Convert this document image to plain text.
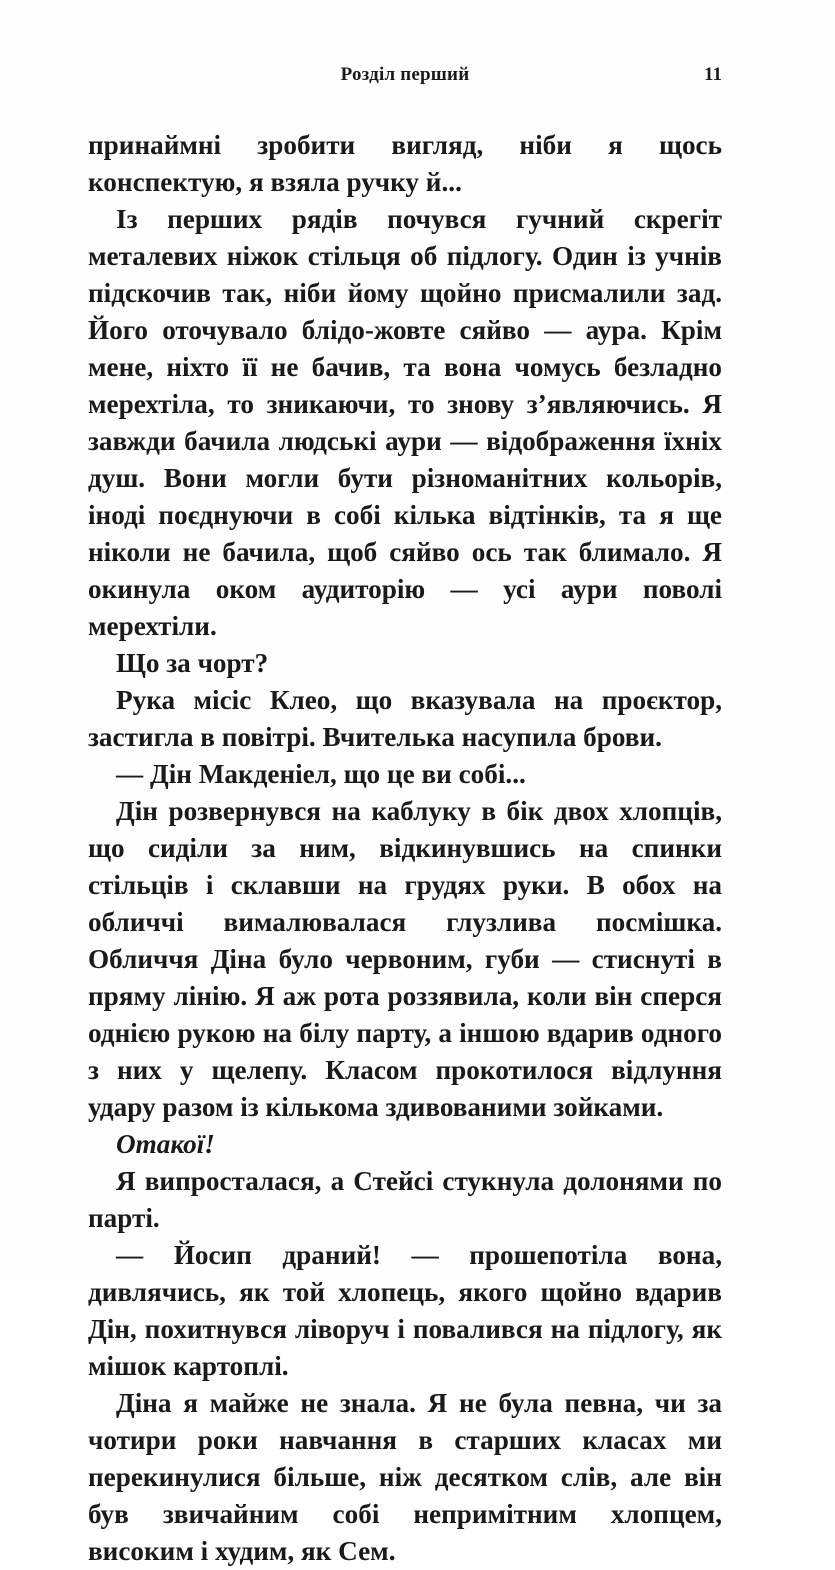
Розділ перший	11

принаймні зробити вигляд, ніби я щось конспектую, я взяла ручку й...

Із перших рядів почувся гучний скрегіт металевих ніжок стільця об підлогу. Один із учнів підскочив так, ніби йому щойно присмалили зад. Його оточувало блідо-жовте сяйво — аура. Крім мене, ніхто її не бачив, та вона чомусь безладно мерехтіла, то зникаючи, то знову з’являючись. Я завжди бачила людські аури — відображення їхніх душ. Вони могли бути різноманітних кольорів, іноді поєднуючи в собі кілька відтінків, та я ще ніколи не бачила, щоб сяйво ось так блимало. Я окинула оком аудиторію — усі аури поволі мерехтіли.

Що за чорт?

Рука місіс Клео, що вказувала на проєктор, застигла в повітрі. Вчителька насупила брови.

— Дін Макденіел, що це ви собі...

Дін розвернувся на каблуку в бік двох хлопців, що сиділи за ним, відкинувшись на спинки стільців і склавши на грудях руки. В обох на обличчі вималювалася глузлива посмішка. Обличчя Діна було червоним, губи — стиснуті в пряму лінію. Я аж рота роззявила, коли він сперся однією рукою на білу парту, а іншою вдарив одного з них у щелепу. Класом прокотилося відлуння удару разом із кількома здивованими зойками.

Отакої!

Я випросталася, а Стейсі стукнула долонями по парті.

— Йосип драний! — прошепотіла вона, дивлячись, як той хлопець, якого щойно вдарив Дін, похитнувся ліворуч і повалився на підлогу, як мішок картоплі.

Діна я майже не знала. Я не була певна, чи за чотири роки навчання в старших класах ми перекинулися більше, ніж десятком слів, але він був звичайним собі непримітним хлопцем, високим і худим, як Сем.
